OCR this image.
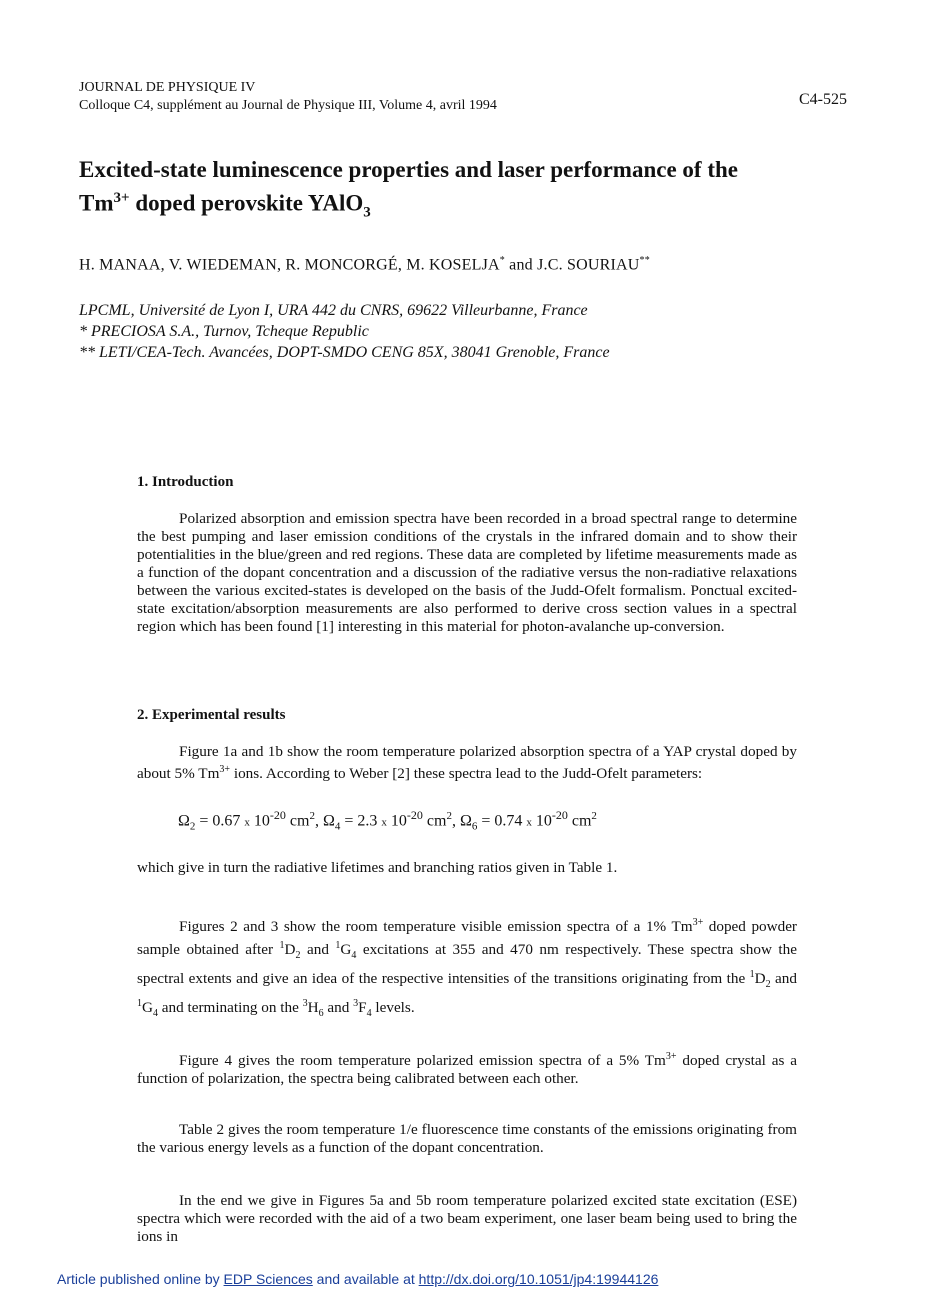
JOURNAL DE PHYSIQUE IV
Colloque C4, supplément au Journal de Physique III, Volume 4, avril 1994	C4-525
Excited-state luminescence properties and laser performance of the
$Tm^{3+}$ doped perovskite YAlO$_3$
H. MANAA, V. WIEDEMAN, R. MONCORGÉ, M. KOSELJA* and J.C. SOURIAU**
LPCML, Université de Lyon I, URA 442 du CNRS, 69622 Villeurbanne, France
* PRECIOSA S.A., Turnov, Tcheque Republic
** LETI/CEA-Tech. Avancées, DOPT-SMDO CENG 85X, 38041 Grenoble, France
1. Introduction
Polarized absorption and emission spectra have been recorded in a broad spectral range to determine the best pumping and laser emission conditions of the crystals in the infrared domain and to show their potentialities in the blue/green and red regions. These data are completed by lifetime measurements made as a function of the dopant concentration and a discussion of the radiative versus the non-radiative relaxations between the various excited-states is developed on the basis of the Judd-Ofelt formalism. Ponctual excited-state excitation/absorption measurements are also performed to derive cross section values in a spectral region which has been found [1] interesting in this material for photon-avalanche up-conversion.
2. Experimental results
Figure 1a and 1b show the room temperature polarized absorption spectra of a YAP crystal doped by about 5% $Tm^{3+}$ ions. According to Weber [2] these spectra lead to the Judd-Ofelt parameters:
$\Omega_2 = 0.67$ x $10^{-20}$ $cm^2$, $\Omega_4 = 2.3$ x $10^{-20}$ $cm^2$, $\Omega_6 = 0.74$ x $10^{-20}$ $cm^2$
which give in turn the radiative lifetimes and branching ratios given in Table 1.
Figures 2 and 3 show the room temperature visible emission spectra of a 1% $Tm^{3+}$ doped powder sample obtained after $^1D_2$ and $^1G_4$ excitations at 355 and 470 nm respectively. These spectra show the spectral extents and give an idea of the respective intensities of the transitions originating from the $^1D_2$ and $^1G_4$ and terminating on the $^3H_6$ and $^3F_4$ levels.
Figure 4 gives the room temperature polarized emission spectra of a 5% $Tm^{3+}$ doped crystal as a function of polarization, the spectra being calibrated between each other.
Table 2 gives the room temperature 1/e fluorescence time constants of the emissions originating from the various energy levels as a function of the dopant concentration.
In the end we give in Figures 5a and 5b room temperature polarized excited state excitation (ESE) spectra which were recorded with the aid of a two beam experiment, one laser beam being used to bring the ions in
Article published online by EDP Sciences and available at http://dx.doi.org/10.1051/jp4:19944126
